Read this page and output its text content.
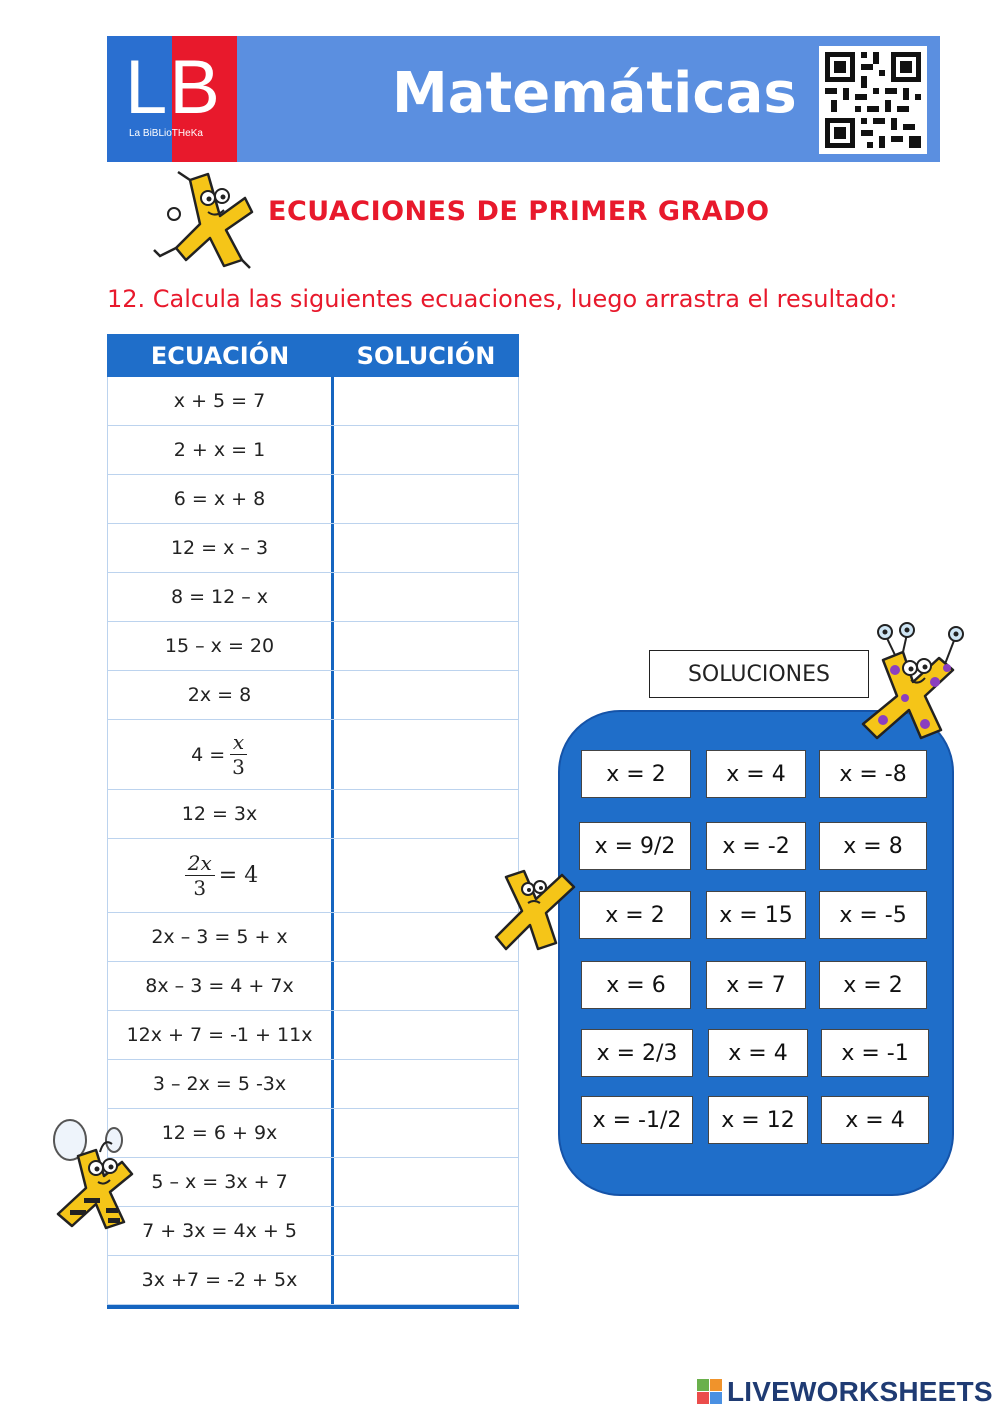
LB
La BiBLioTHeKa
Matemáticas
ECUACIONES DE PRIMER GRADO
12. Calcula las siguientes ecuaciones, luego arrastra el resultado:
ECUACIÓN	SOLUCIÓN
x + 5 = 7
2 + x = 1
6 = x + 8
12 = x – 3
8 = 12 – x
15 – x = 20
2x = 8
$4 = \frac{x}{3}$
12 = 3x
$\frac{2x}{3} = 4$
2x – 3 = 5 + x
8x – 3 = 4 + 7x
12x + 7 = -1 + 11x
3 – 2x = 5 -3x
12 = 6 + 9x
5 – x = 3x + 7
7 + 3x = 4x + 5
3x +7 = -2 + 5x
SOLUCIONES
x = 2	x = 4	x = -8
x = 9/2	x = -2	x = 8
x = 2	x = 15	x = -5
x = 6	x = 7	x = 2
x = 2/3	x = 4	x = -1
x = -1/2	x = 12	x = 4
LIVEWORKSHEETS
